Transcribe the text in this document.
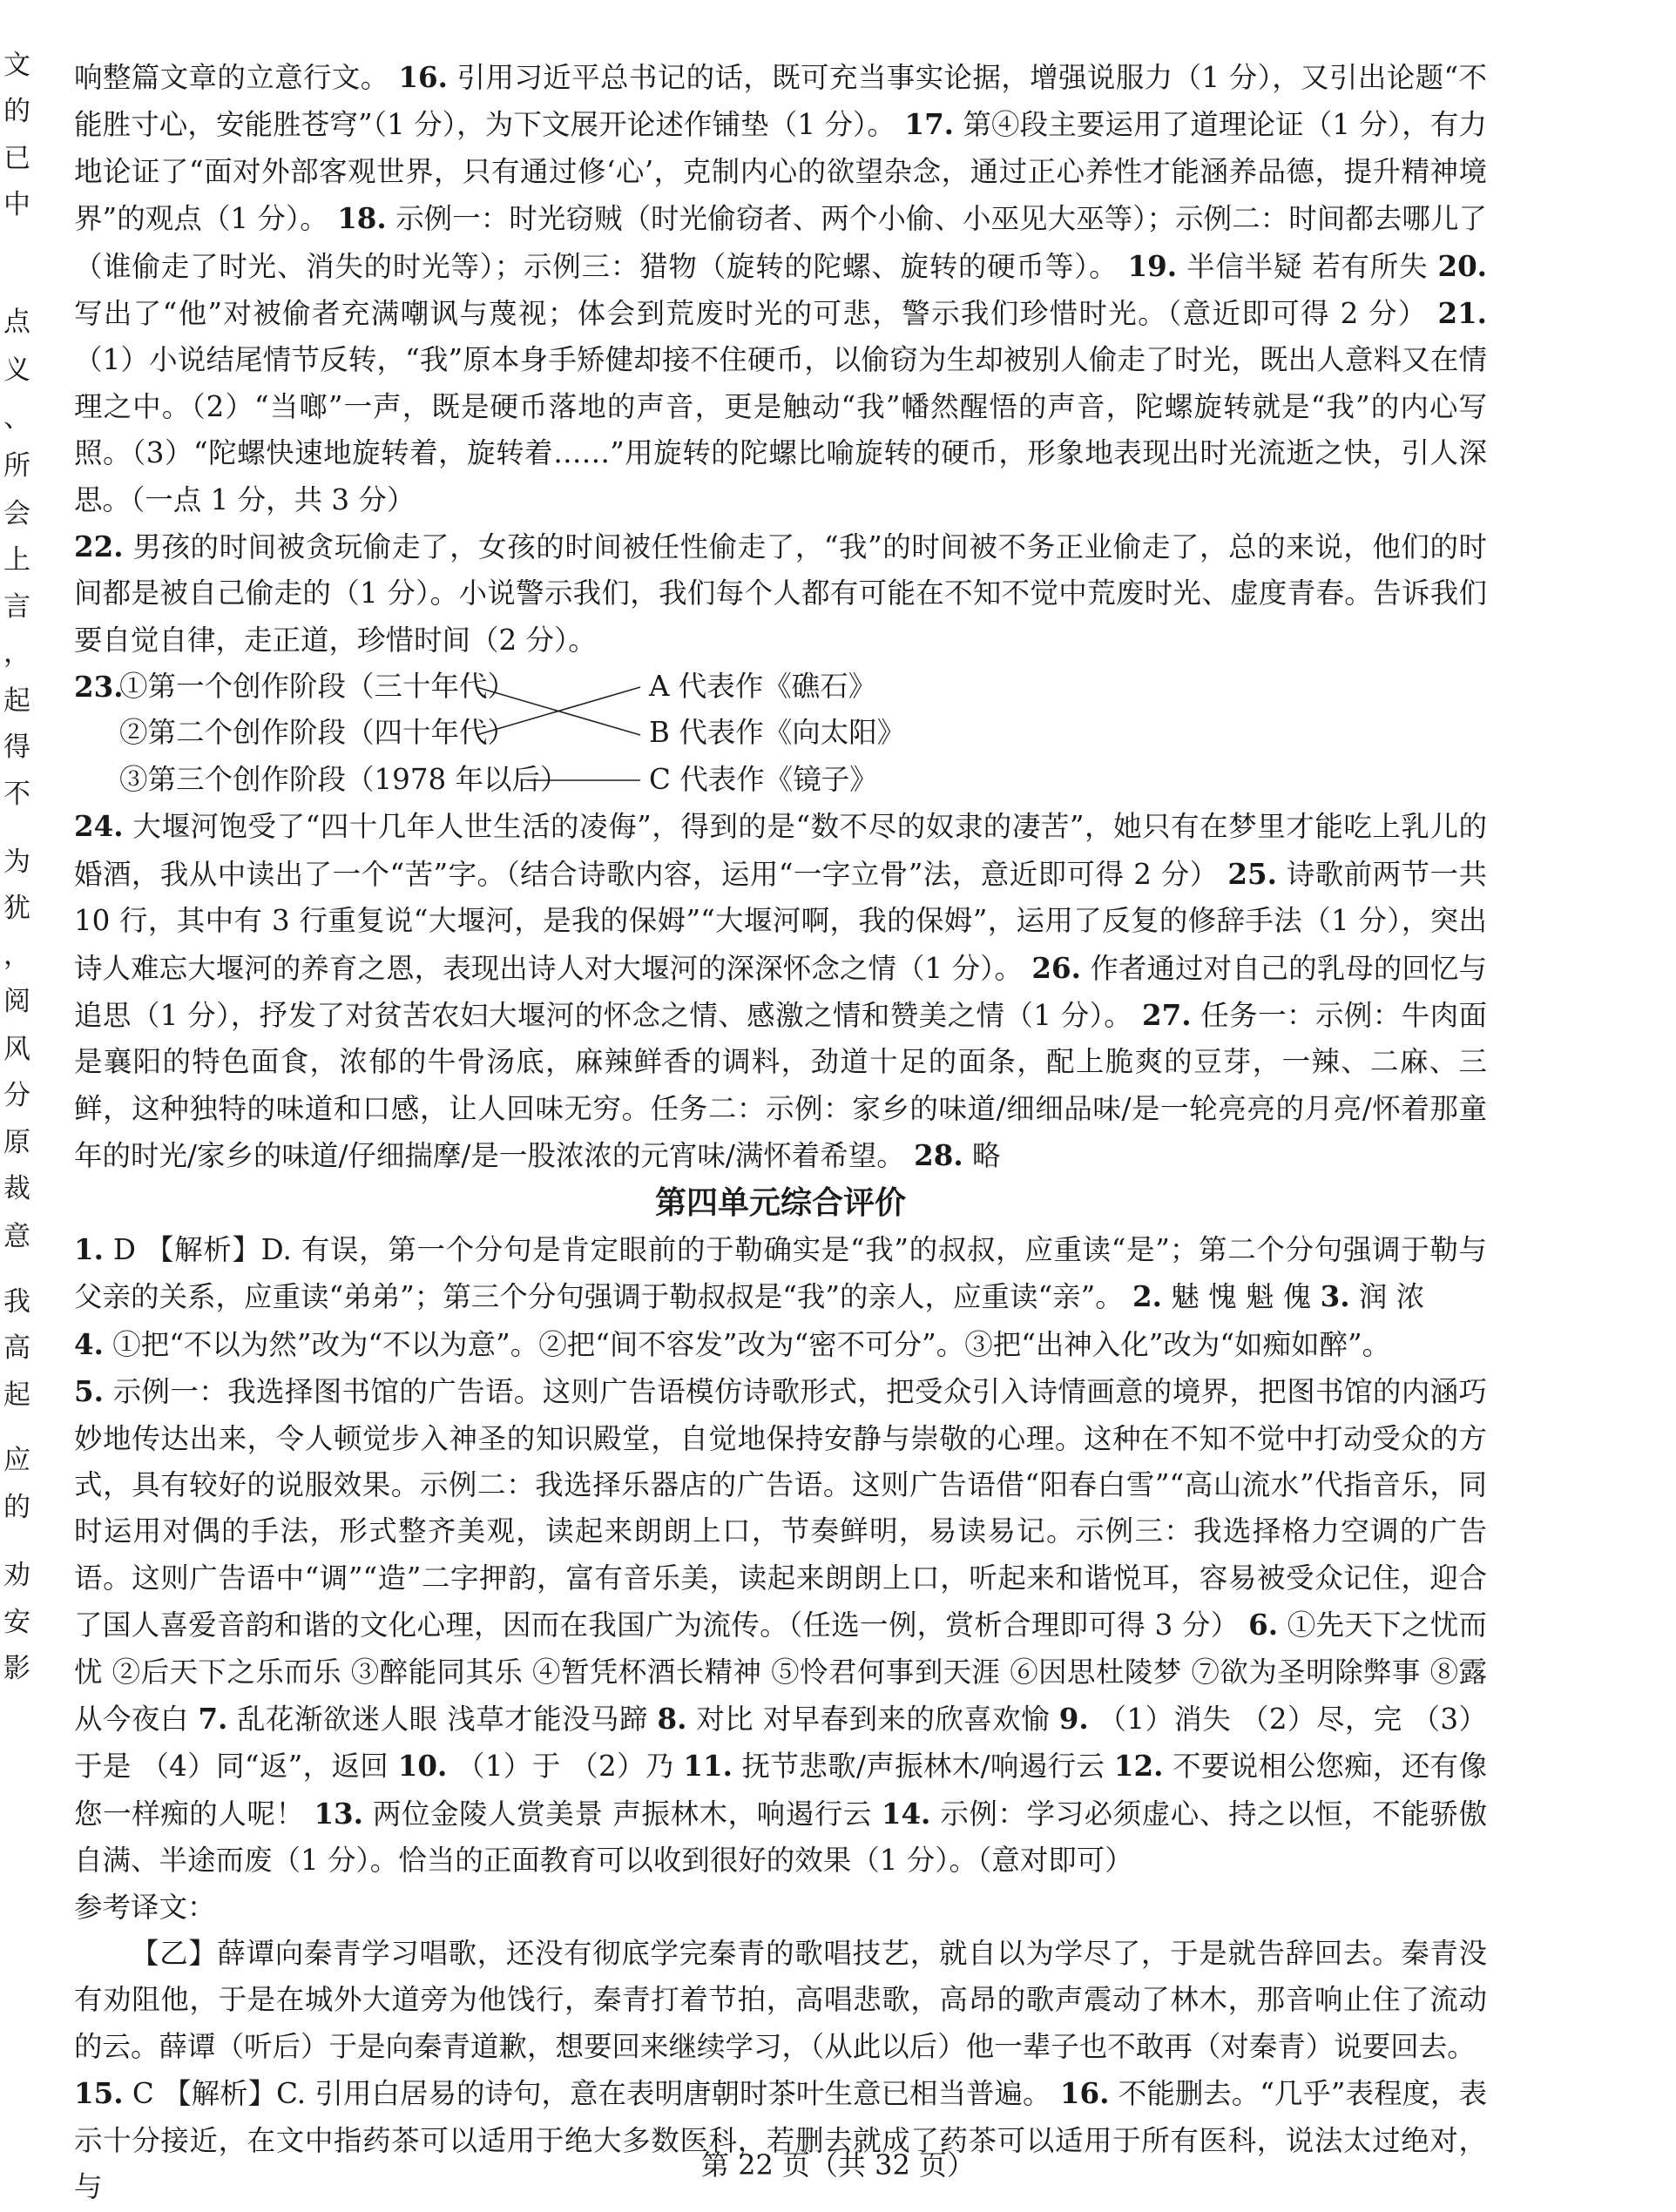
文
的
已
中
点
义
、
所
会
上
言
，
起
得
不
为
犹
，
阅
风
分
原
裁
意
我
高
起
应
的
劝
安
影

响整篇文章的立意行文。 16. 引用习近平总书记的话，既可充当事实论据，增强说服力（1 分），又引出论题“不能胜寸心，安能胜苍穹”（1 分），为下文展开论述作铺垫（1 分）。 17. 第④段主要运用了道理论证（1 分），有力地论证了“面对外部客观世界，只有通过修‘心’，克制内心的欲望杂念，通过正心养性才能涵养品德，提升精神境界”的观点（1 分）。 18. 示例一：时光窃贼（时光偷窃者、两个小偷、小巫见大巫等）；示例二：时间都去哪儿了（谁偷走了时光、消失的时光等）；示例三：猎物（旋转的陀螺、旋转的硬币等）。 19. 半信半疑 若有所失 20. 写出了“他”对被偷者充满嘲讽与蔑视；体会到荒废时光的可悲，警示我们珍惜时光。（意近即可得 2 分） 21. （1）小说结尾情节反转，“我”原本身手矫健却接不住硬币，以偷窃为生却被别人偷走了时光，既出人意料又在情理之中。（2）“当啷”一声，既是硬币落地的声音，更是触动“我”幡然醒悟的声音，陀螺旋转就是“我”的内心写照。（3）“陀螺快速地旋转着，旋转着……”用旋转的陀螺比喻旋转的硬币，形象地表现出时光流逝之快，引人深思。（一点 1 分，共 3 分）

22. 男孩的时间被贪玩偷走了，女孩的时间被任性偷走了，“我”的时间被不务正业偷走了，总的来说，他们的时间都是被自己偷走的（1 分）。小说警示我们，我们每个人都有可能在不知不觉中荒废时光、虚度青春。告诉我们要自觉自律，走正道，珍惜时间（2 分）。

23.
①第一个创作阶段（三十年代）
②第二个创作阶段（四十年代）
③第三个创作阶段（1978 年以后）
A 代表作《礁石》
B 代表作《向太阳》
C 代表作《镜子》

24. 大堰河饱受了“四十几年人世生活的凌侮”，得到的是“数不尽的奴隶的凄苦”，她只有在梦里才能吃上乳儿的婚酒，我从中读出了一个“苦”字。（结合诗歌内容，运用“一字立骨”法，意近即可得 2 分） 25. 诗歌前两节一共 10 行，其中有 3 行重复说“大堰河，是我的保姆”“大堰河啊，我的保姆”，运用了反复的修辞手法（1 分），突出诗人难忘大堰河的养育之恩，表现出诗人对大堰河的深深怀念之情（1 分）。 26. 作者通过对自己的乳母的回忆与追思（1 分），抒发了对贫苦农妇大堰河的怀念之情、感激之情和赞美之情（1 分）。 27. 任务一：示例：牛肉面是襄阳的特色面食，浓郁的牛骨汤底，麻辣鲜香的调料，劲道十足的面条，配上脆爽的豆芽，一辣、二麻、三鲜，这种独特的味道和口感，让人回味无穷。任务二：示例：家乡的味道/细细品味/是一轮亮亮的月亮/怀着那童年的时光/家乡的味道/仔细揣摩/是一股浓浓的元宵味/满怀着希望。 28. 略

第四单元综合评价

1. D 【解析】D. 有误，第一个分句是肯定眼前的于勒确实是“我”的叔叔，应重读“是”；第二个分句强调于勒与父亲的关系，应重读“弟弟”；第三个分句强调于勒叔叔是“我”的亲人，应重读“亲”。 2. 魅 愧 魁 傀 3. 润 浓

4. ①把“不以为然”改为“不以为意”。②把“间不容发”改为“密不可分”。③把“出神入化”改为“如痴如醉”。

5. 示例一：我选择图书馆的广告语。这则广告语模仿诗歌形式，把受众引入诗情画意的境界，把图书馆的内涵巧妙地传达出来，令人顿觉步入神圣的知识殿堂，自觉地保持安静与崇敬的心理。这种在不知不觉中打动受众的方式，具有较好的说服效果。示例二：我选择乐器店的广告语。这则广告语借“阳春白雪”“高山流水”代指音乐，同时运用对偶的手法，形式整齐美观，读起来朗朗上口，节奏鲜明，易读易记。示例三：我选择格力空调的广告语。这则广告语中“调”“造”二字押韵，富有音乐美，读起来朗朗上口，听起来和谐悦耳，容易被受众记住，迎合了国人喜爱音韵和谐的文化心理，因而在我国广为流传。（任选一例，赏析合理即可得 3 分） 6. ①先天下之忧而忧 ②后天下之乐而乐 ③醉能同其乐 ④暂凭杯酒长精神 ⑤怜君何事到天涯 ⑥因思杜陵梦 ⑦欲为圣明除弊事 ⑧露从今夜白 7. 乱花渐欲迷人眼 浅草才能没马蹄 8. 对比 对早春到来的欣喜欢愉 9. （1）消失 （2）尽，完 （3）于是 （4）同“返”，返回 10. （1）于 （2）乃 11. 抚节悲歌/声振林木/响遏行云 12. 不要说相公您痴，还有像您一样痴的人呢！ 13. 两位金陵人赏美景 声振林木，响遏行云 14. 示例：学习必须虚心、持之以恒，不能骄傲自满、半途而废（1 分）。恰当的正面教育可以收到很好的效果（1 分）。（意对即可）

参考译文：

【乙】薛谭向秦青学习唱歌，还没有彻底学完秦青的歌唱技艺，就自以为学尽了，于是就告辞回去。秦青没有劝阻他，于是在城外大道旁为他饯行，秦青打着节拍，高唱悲歌，高昂的歌声震动了林木，那音响止住了流动的云。薛谭（听后）于是向秦青道歉，想要回来继续学习，（从此以后）他一辈子也不敢再（对秦青）说要回去。

15. C 【解析】C. 引用白居易的诗句，意在表明唐朝时茶叶生意已相当普遍。 16. 不能删去。“几乎”表程度，表示十分接近，在文中指药茶可以适用于绝大多数医科，若删去就成了药茶可以适用于所有医科，说法太过绝对，与

第 22 页（共 32 页）
